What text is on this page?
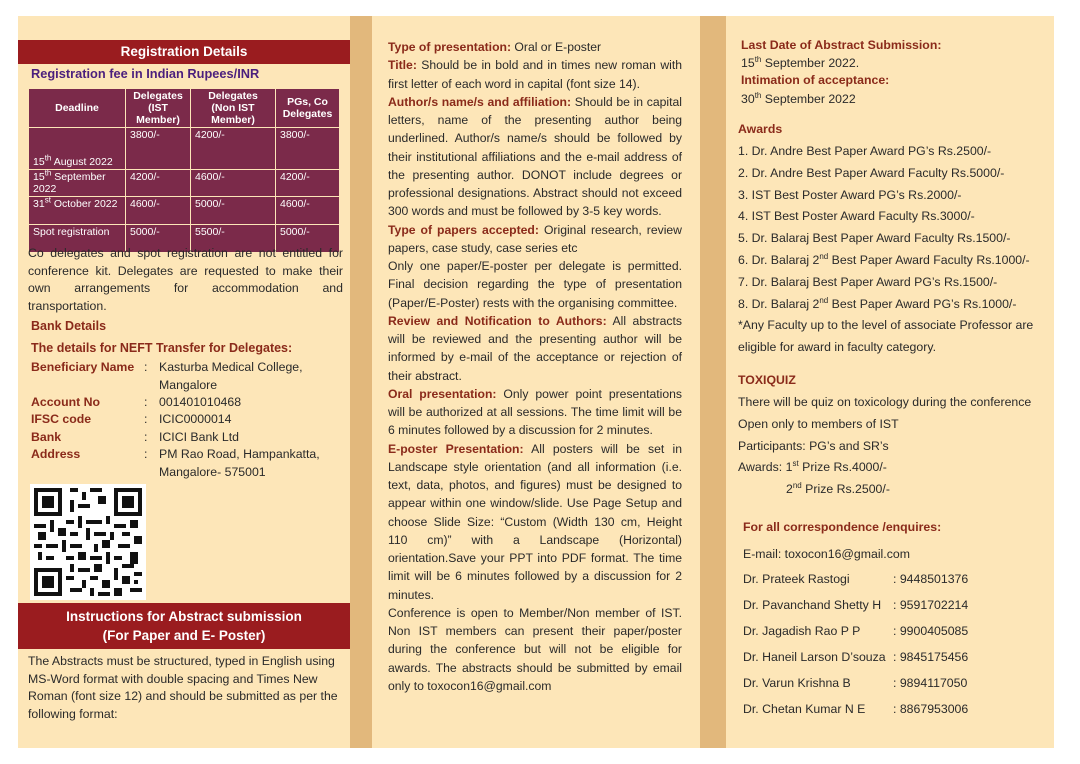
Registration Details
Registration fee in Indian Rupees/INR
Deadline	Delegates (IST Member)	Delegates (Non IST Member)	PGs, Co Delegates
15th August 2022	3800/-	4200/-	3800/-
15th September 2022	4200/-	4600/-	4200/-
31st October 2022	4600/-	5000/-	4600/-
Spot registration	5000/-	5500/-	5000/-
Co delegates and spot registration are not entitled for conference kit. Delegates are requested to make their own arrangements for accommodation and transportation.
Bank Details
The details for NEFT Transfer for Delegates:
Beneficiary Name : Kasturba Medical College, Mangalore
Account No	: 001401010468
IFSC code	: ICIC0000014
Bank	: ICICI Bank Ltd
Address	: PM Rao Road, Hampankatta, Mangalore- 575001
Instructions for Abstract submission
(For Paper and E- Poster)
The Abstracts must be structured, typed in English using MS-Word format with double spacing and Times New Roman (font size 12) and should be submitted as per the following format:

Type of presentation: Oral or E-poster

Title: Should be in bold and in times new roman with first letter of each word in capital (font size 14).

Author/s name/s and affiliation: Should be in capital letters, name of the presenting author being underlined. Author/s name/s should be followed by their institutional affiliations and the e-mail address of the presenting author. DONOT include degrees or professional designations. Abstract should not exceed 300 words and must be followed by 3-5 key words.

Type of papers accepted: Original research, review papers, case study, case series etc

Only one paper/E-poster per delegate is permitted. Final decision regarding the type of presentation (Paper/E-Poster) rests with the organising committee.

Review and Notification to Authors: All abstracts will be reviewed and the presenting author will be informed by e-mail of the acceptance or rejection of their abstract.

Oral presentation: Only power point presentations will be authorized at all sessions. The time limit will be 6 minutes followed by a discussion for 2 minutes.

E-poster Presentation: All posters will be set in Landscape style orientation (and all information (i.e. text, data, photos, and figures) must be designed to appear within one window/slide. Use Page Setup and choose Slide Size: “Custom (Width 130 cm, Height 110 cm)” with a Landscape (Horizontal) orientation.Save your PPT into PDF format. The time limit will be 6 minutes followed by a discussion for 2 minutes.

Conference is open to Member/Non member of IST. Non IST members can present their paper/poster during the conference but will not be eligible for awards. The abstracts should be submitted by email only to toxocon16@gmail.com

Last Date of Abstract Submission:
15th September 2022.
Intimation of acceptance:
30th September 2022
Awards
1. Dr. Andre Best Paper Award PG’s Rs.2500/-
2. Dr. Andre Best Paper Award Faculty Rs.5000/-
3. IST Best Poster Award PG’s Rs.2000/-
4. IST Best Poster Award Faculty Rs.3000/-
5. Dr. Balaraj Best Paper Award Faculty Rs.1500/-
6. Dr. Balaraj 2nd Best Paper Award Faculty Rs.1000/-
7. Dr. Balaraj Best Paper Award PG’s Rs.1500/-
8. Dr. Balaraj 2nd Best Paper Award PG’s Rs.1000/-
*Any Faculty up to the level of associate Professor are eligible for award in faculty category.
TOXIQUIZ
There will be quiz on toxicology during the conference
Open only to members of IST
Participants: PG’s and SR’s
Awards: 1st Prize Rs.4000/-
2nd Prize Rs.2500/-
For all correspondence /enquires:
E-mail: toxocon16@gmail.com
Dr. Prateek Rastogi	: 9448501376
Dr. Pavanchand Shetty H : 9591702214
Dr. Jagadish Rao P P	: 9900405085
Dr. Haneil Larson D’souza : 9845175456
Dr. Varun Krishna B	: 9894117050
Dr. Chetan Kumar N E	: 8867953006
